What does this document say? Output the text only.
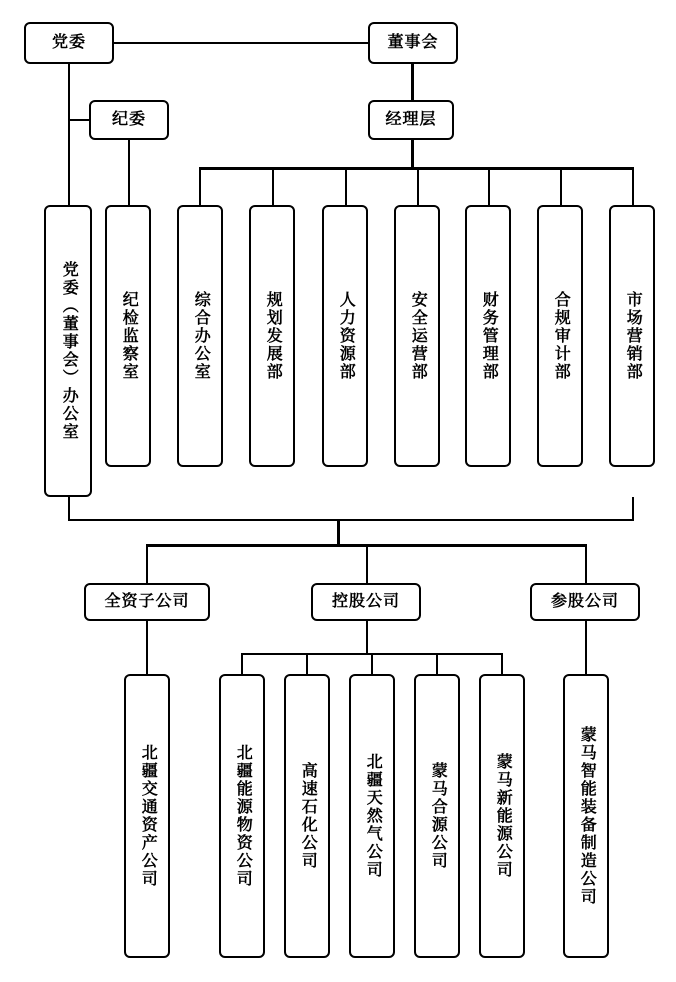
党委	董事会
纪委	经理层
党委（董事会）办公室	纪检监察室	综合办公室	规划发展部	人力资源部	安全运营部	财务管理部	合规审计部	市场营销部
全资子公司	控股公司	参股公司
北疆交通资产公司	北疆能源物资公司	高速石化公司	北疆天然气公司	蒙马合源公司	蒙马新能源公司	蒙马智能装备制造公司
